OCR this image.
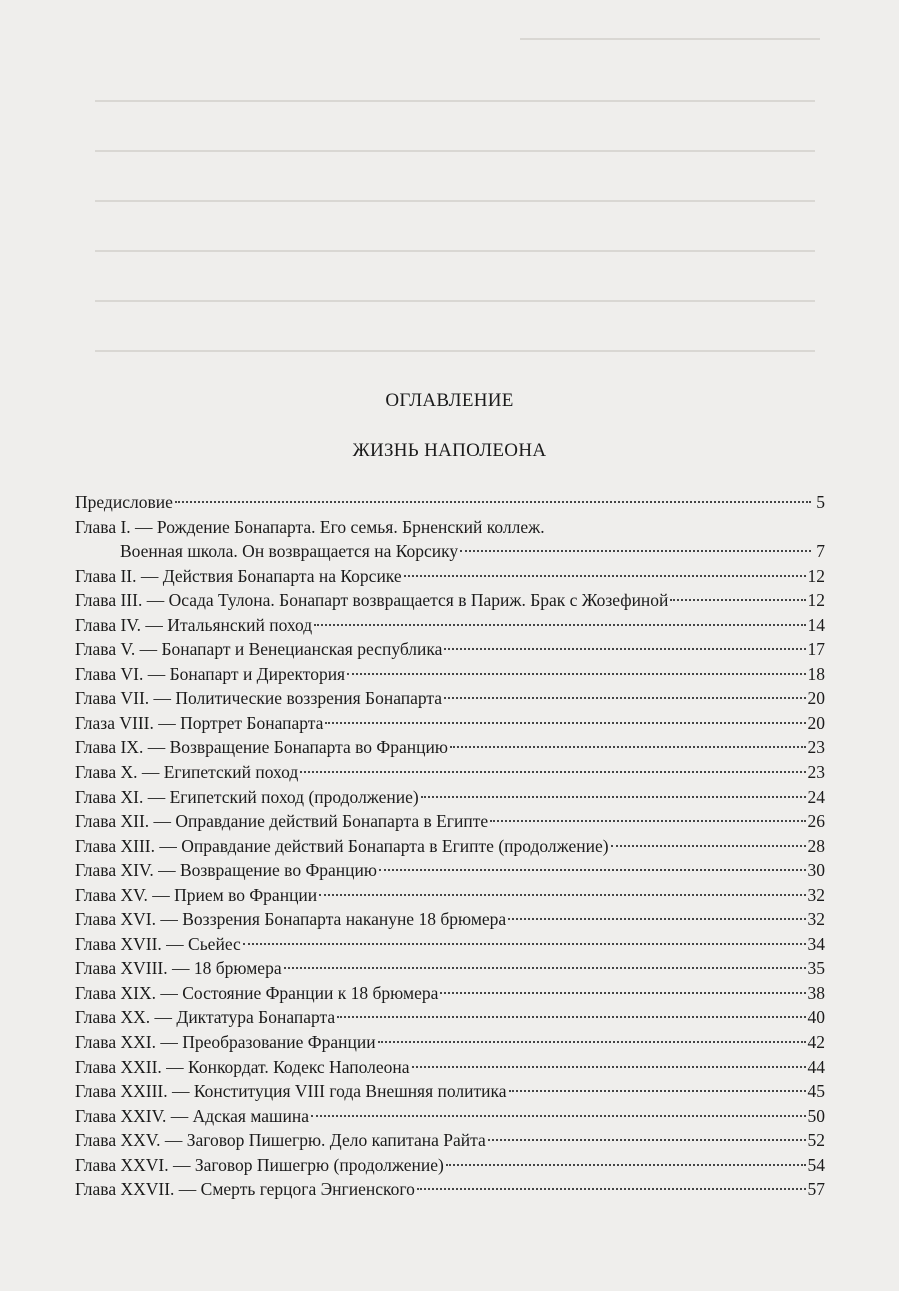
ОГЛАВЛЕНИЕ
ЖИЗНЬ НАПОЛЕОНА
Предисловие	5
Глава I. — Рождение Бонапарта. Его семья. Брненский коллеж.
Военная школа. Он возвращается на Корсику	7
Глава II. — Действия Бонапарта на Корсике	12
Глава III. — Осада Тулона. Бонапарт возвращается в Париж. Брак с Жозефиной	12
Глава IV. — Итальянский поход	14
Глава V. — Бонапарт и Венецианская республика	17
Глава VI. — Бонапарт и Директория	18
Глава VII. — Политические воззрения Бонапарта	20
Глаза VIII. — Портрет Бонапарта	20
Глава IX. — Возвращение Бонапарта во Францию	23
Глава X. — Египетский поход	23
Глава XI. — Египетский поход (продолжение)	24
Глава XII. — Оправдание действий Бонапарта в Египте	26
Глава XIII. — Оправдание действий Бонапарта в Египте (продолжение)	28
Глава XIV. — Возвращение во Францию	30
Глава XV. — Прием во Франции	32
Глава XVI. — Воззрения Бонапарта накануне 18 брюмера	32
Глава XVII. — Сьейес	34
Глава XVIII. — 18 брюмера	35
Глава XIX. — Состояние Франции к 18 брюмера	38
Глава XX. — Диктатура Бонапарта	40
Глава XXI. — Преобразование Франции	42
Глава XXII. — Конкордат. Кодекс Наполеона	44
Глава XXIII. — Конституция VIII года Внешняя политика	45
Глава XXIV. — Адская машина	50
Глава XXV. — Заговор Пишегрю. Дело капитана Райта	52
Глава XXVI. — Заговор Пишегрю (продолжение)	54
Глава XXVII. — Смерть герцога Энгиенского	57
